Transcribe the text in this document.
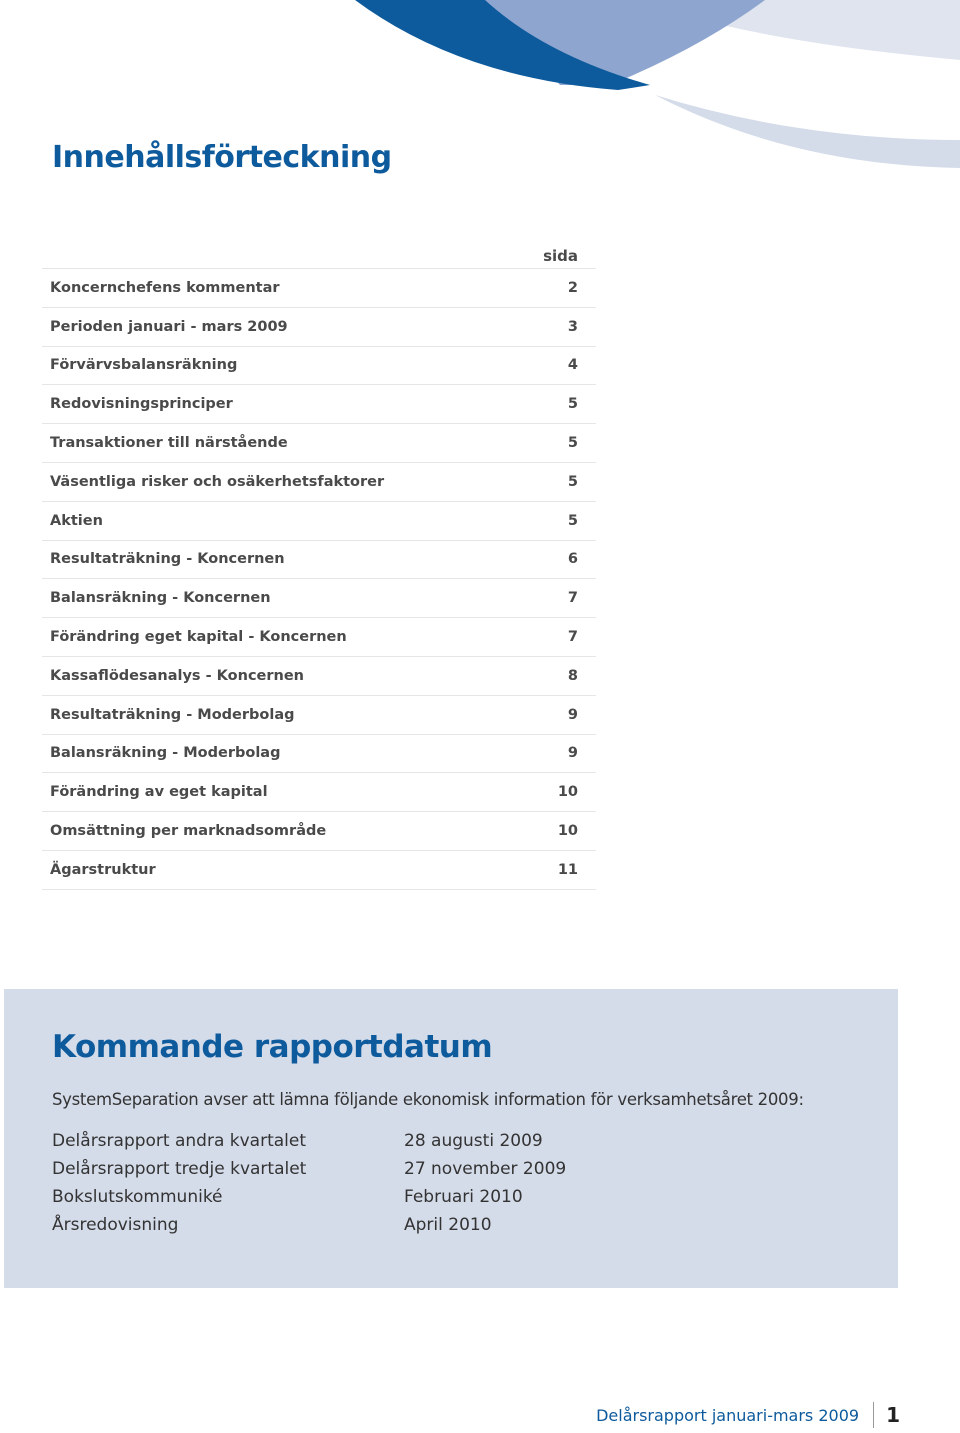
Innehållsförteckning
sida
Koncernchefens kommentar	2
Perioden januari - mars 2009	3
Förvärvsbalansräkning	4
Redovisningsprinciper	5
Transaktioner till närstående	5
Väsentliga risker och osäkerhetsfaktorer	5
Aktien	5
Resultaträkning - Koncernen	6
Balansräkning - Koncernen	7
Förändring eget kapital - Koncernen	7
Kassaflödesanalys - Koncernen	8
Resultaträkning - Moderbolag	9
Balansräkning - Moderbolag	9
Förändring av eget kapital	10
Omsättning per marknadsområde	10
Ägarstruktur	11
Kommande rapportdatum
SystemSeparation avser att lämna följande ekonomisk information för verksamhetsåret 2009:
Delårsrapport andra kvartalet	28 augusti 2009
Delårsrapport tredje kvartalet	27 november 2009
Bokslutskommuniké	Februari 2010
Årsredovisning	April 2010
Delårsrapport januari-mars 2009	1
